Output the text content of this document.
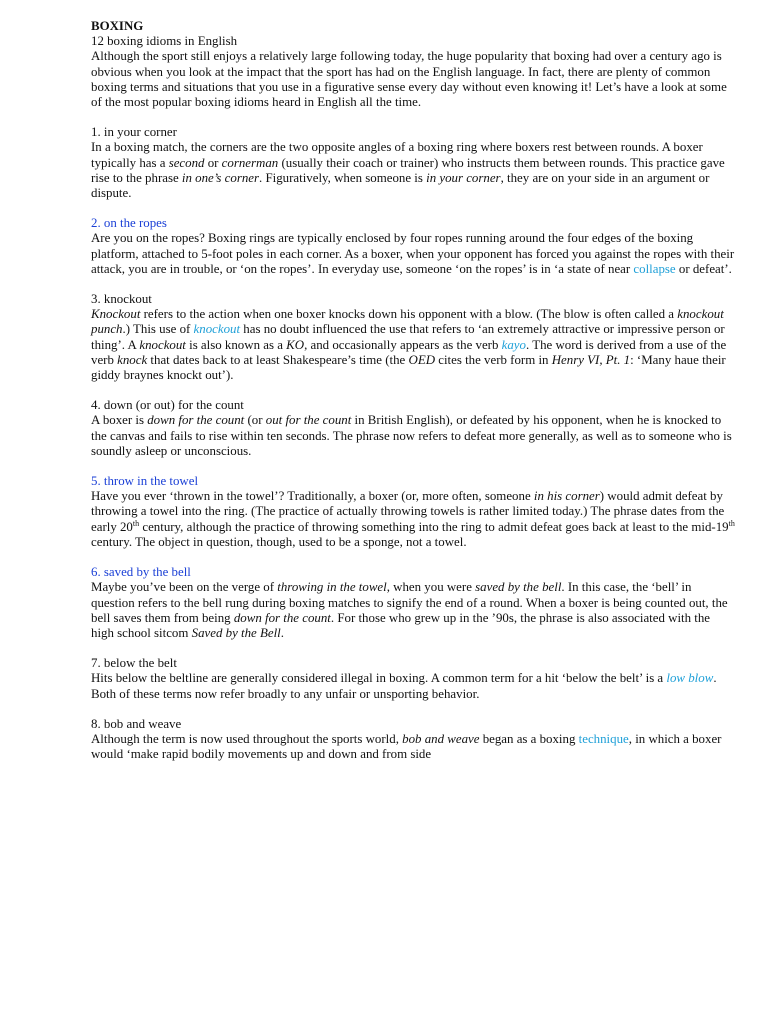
BOXING
12 boxing idioms in English
Although the sport still enjoys a relatively large following today, the huge popularity that boxing had over a century ago is obvious when you look at the impact that the sport has had on the English language. In fact, there are plenty of common boxing terms and situations that you use in a figurative sense every day without even knowing it! Let’s have a look at some of the most popular boxing idioms heard in English all the time.
1. in your corner
In a boxing match, the corners are the two opposite angles of a boxing ring where boxers rest between rounds. A boxer typically has a second or cornerman (usually their coach or trainer) who instructs them between rounds. This practice gave rise to the phrase in one’s corner. Figuratively, when someone is in your corner, they are on your side in an argument or dispute.
2. on the ropes
Are you on the ropes? Boxing rings are typically enclosed by four ropes running around the four edges of the boxing platform, attached to 5-foot poles in each corner. As a boxer, when your opponent has forced you against the ropes with their attack, you are in trouble, or ‘on the ropes’. In everyday use, someone ‘on the ropes’ is in ‘a state of near collapse or defeat’.
3. knockout
Knockout refers to the action when one boxer knocks down his opponent with a blow. (The blow is often called a knockout punch.) This use of knockout has no doubt influenced the use that refers to ‘an extremely attractive or impressive person or thing’. A knockout is also known as a KO, and occasionally appears as the verb kayo. The word is derived from a use of the verb knock that dates back to at least Shakespeare’s time (the OED cites the verb form in Henry VI, Pt. 1: ‘Many haue their giddy braynes knockt out’).
4. down (or out) for the count
A boxer is down for the count (or out for the count in British English), or defeated by his opponent, when he is knocked to the canvas and fails to rise within ten seconds. The phrase now refers to defeat more generally, as well as to someone who is soundly asleep or unconscious.
5. throw in the towel
Have you ever ‘thrown in the towel’? Traditionally, a boxer (or, more often, someone in his corner) would admit defeat by throwing a towel into the ring. (The practice of actually throwing towels is rather limited today.) The phrase dates from the early 20th century, although the practice of throwing something into the ring to admit defeat goes back at least to the mid-19th century. The object in question, though, used to be a sponge, not a towel.
6. saved by the bell
Maybe you’ve been on the verge of throwing in the towel, when you were saved by the bell. In this case, the ‘bell’ in question refers to the bell rung during boxing matches to signify the end of a round. When a boxer is being counted out, the bell saves them from being down for the count. For those who grew up in the ’90s, the phrase is also associated with the high school sitcom Saved by the Bell.
7. below the belt
Hits below the beltline are generally considered illegal in boxing. A common term for a hit ‘below the belt’ is a low blow. Both of these terms now refer broadly to any unfair or unsporting behavior.
8. bob and weave
Although the term is now used throughout the sports world, bob and weave began as a boxing technique, in which a boxer would ‘make rapid bodily movements up and down and from side
